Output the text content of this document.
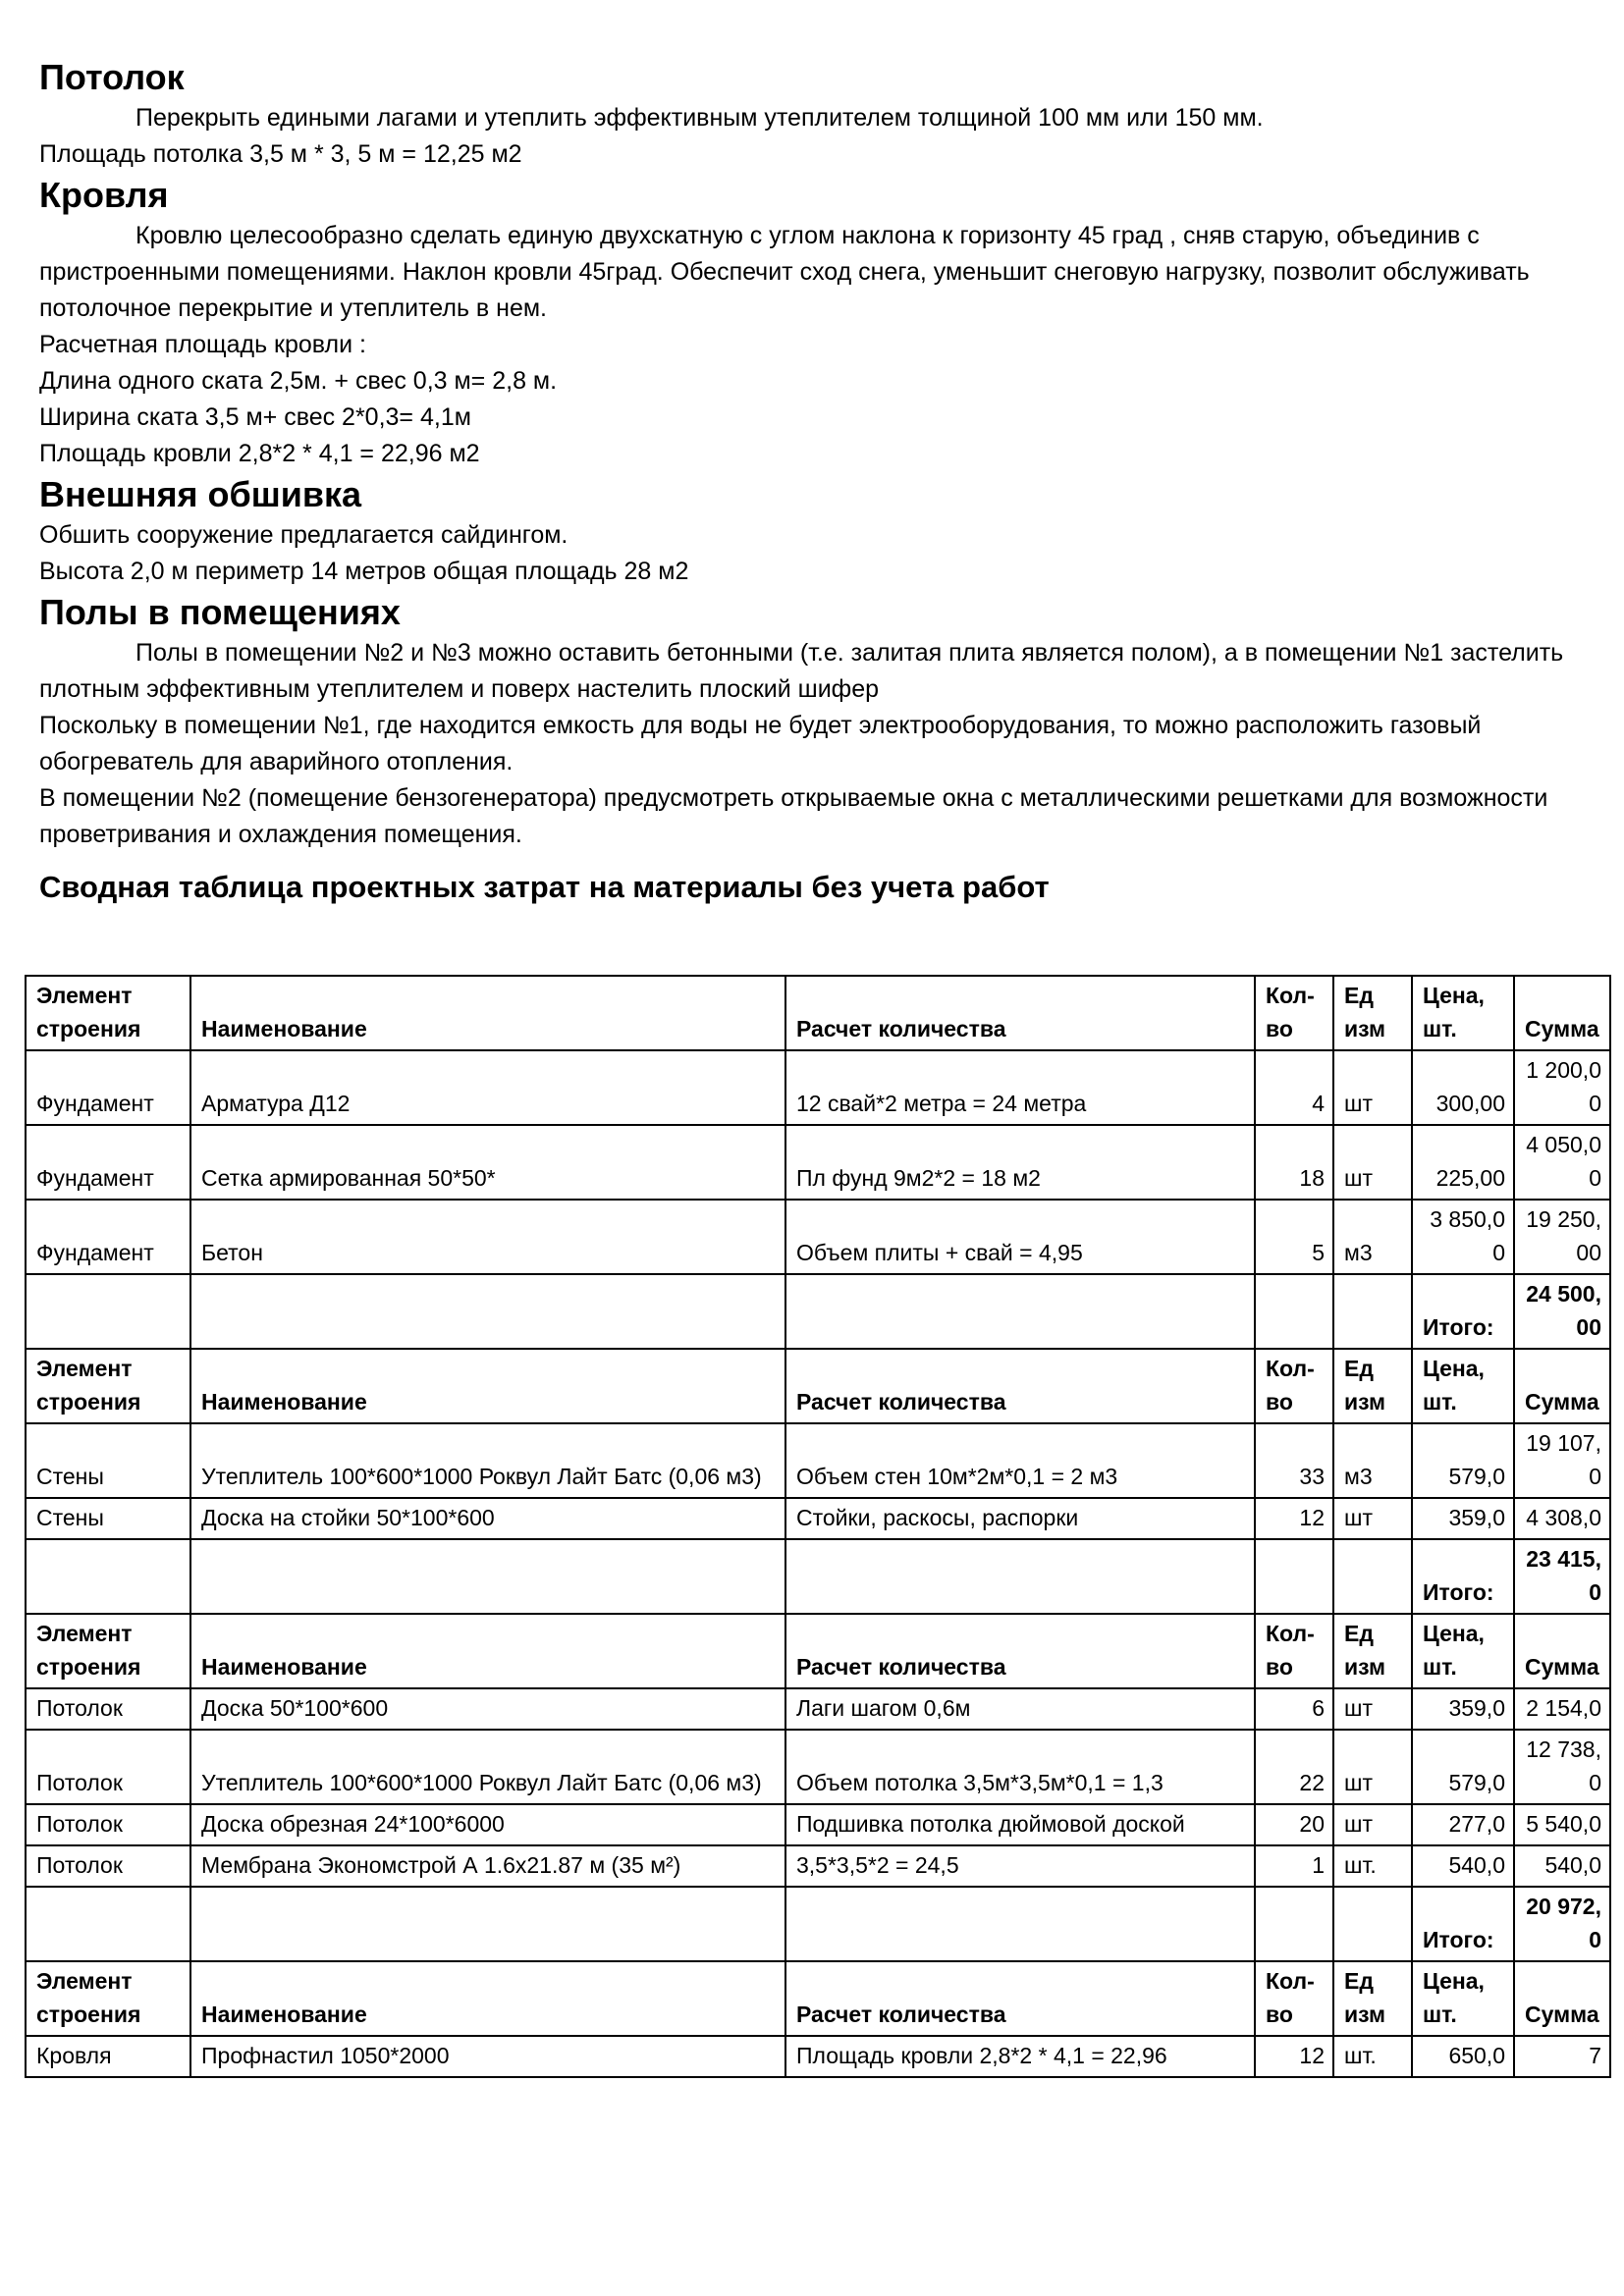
Потолок

Перекрыть едиными лагами и утеплить эффективным утеплителем толщиной 100 мм или 150 мм.

Площадь потолка 3,5 м * 3, 5 м = 12,25 м2

Кровля

Кровлю целесообразно сделать единую двухскатную с углом наклона к горизонту 45 град , сняв старую, объединив с пристроенными помещениями. Наклон кровли 45град. Обеспечит сход снега, уменьшит снеговую нагрузку, позволит обслуживать потолочное перекрытие и утеплитель в нем.

Расчетная площадь кровли :

Длина одного ската 2,5м. + свес 0,3 м= 2,8 м.

Ширина ската 3,5 м+ свес 2*0,3= 4,1м

Площадь кровли 2,8*2 * 4,1 = 22,96 м2

Внешняя обшивка

Обшить сооружение предлагается сайдингом.

Высота 2,0 м периметр 14 метров общая площадь 28 м2

Полы в помещениях

Полы в помещении №2 и №3 можно оставить бетонными (т.е. залитая плита является полом), а в помещении №1 застелить плотным эффективным утеплителем и поверх настелить плоский шифер

Поскольку в помещении №1, где находится емкость для воды не будет электрооборудования, то можно расположить газовый обогреватель для аварийного отопления.

В помещении №2 (помещение бензогенератора) предусмотреть открываемые окна с металлическими решетками для возможности проветривания и охлаждения помещения.

Сводная таблица проектных затрат на материалы без учета работ
Элемент строения	Наименование	Расчет количества	Кол-во	Ед изм	Цена, шт.	Сумма
Фундамент	Арматура Д12	12 свай*2 метра = 24 метра	4	шт	300,00	1 200,00
Фундамент	Сетка армированная 50*50*	Пл фунд 9м2*2 = 18 м2	18	шт	225,00	4 050,00
Фундамент	Бетон	Объем плиты + свай = 4,95	5	м3	3 850,00	19 250,00
					Итого:	24 500,00
Элемент строения	Наименование	Расчет количества	Кол-во	Ед изм	Цена, шт.	Сумма
Стены	Утеплитель 100*600*1000 Роквул Лайт Батс (0,06 м3)	Объем стен 10м*2м*0,1 = 2 м3	33	м3	579,0	19 107,0
Стены	Доска на стойки 50*100*600	Стойки, раскосы, распорки	12	шт	359,0	4 308,0
					Итого:	23 415,0
Элемент строения	Наименование	Расчет количества	Кол-во	Ед изм	Цена, шт.	Сумма
Потолок	Доска 50*100*600	Лаги шагом 0,6м	6	шт	359,0	2 154,0
Потолок	Утеплитель 100*600*1000 Роквул Лайт Батс (0,06 м3)	Объем потолка 3,5м*3,5м*0,1 = 1,3	22	шт	579,0	12 738,0
Потолок	Доска обрезная 24*100*6000	Подшивка потолка дюймовой доской	20	шт	277,0	5 540,0
Потолок	Мембрана Экономстрой А 1.6x21.87 м (35 м²)	3,5*3,5*2 = 24,5	1	шт.	540,0	540,0
					Итого:	20 972,0
Элемент строения	Наименование	Расчет количества	Кол-во	Ед изм	Цена, шт.	Сумма
Кровля	Профнастил 1050*2000	Площадь кровли 2,8*2 * 4,1 = 22,96	12	шт.	650,0	7
